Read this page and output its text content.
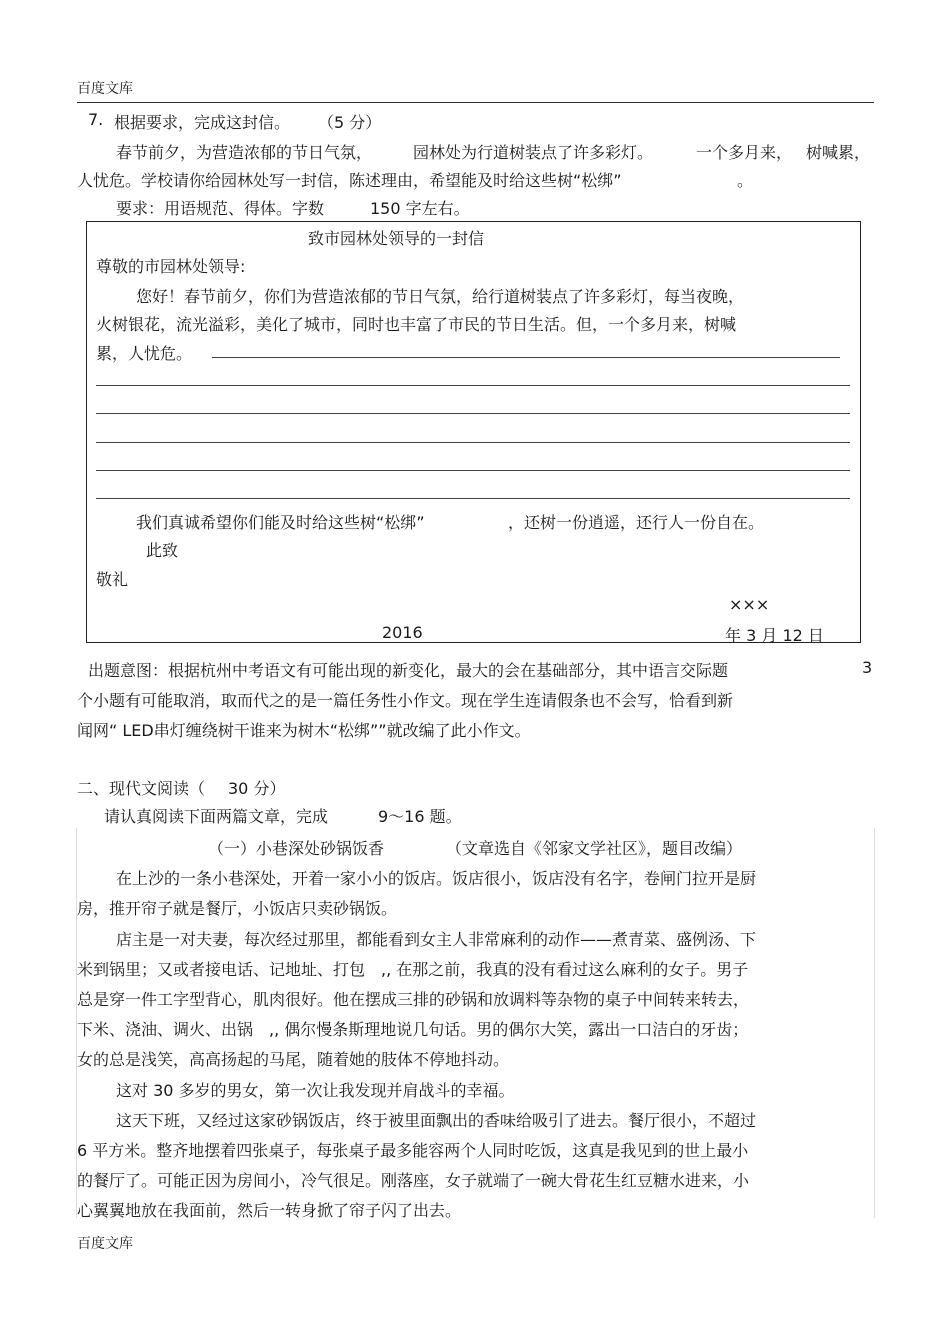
百度文库
7. 根据要求，完成这封信。 （5 分）
春节前夕，为营造浓郁的节日气氛，	园林处为行道树装点了许多彩灯。	一个多月来， 树喊累，
人忧危。学校请你给园林处写一封信，陈述理由，希望能及时给这些树“松绑”	。
要求：用语规范、得体。字数	150 字左右。
致市园林处领导的一封信
尊敬的市园林处领导:
您好！春节前夕，你们为营造浓郁的节日气氛，给行道树装点了许多彩灯，每当夜晚，
火树银花，流光溢彩，美化了城市，同时也丰富了市民的节日生活。但，一个多月来，树喊
累，人忧危。
我们真诚希望你们能及时给这些树“松绑”	，还树一份逍遥，还行人一份自在。
此致
敬礼
×××
2016	年 3 月 12 日
出题意图：根据杭州中考语文有可能出现的新变化，最大的会在基础部分，其中语言交际题	3
个小题有可能取消，取而代之的是一篇任务性小作文。现在学生连请假条也不会写，恰看到新
闻网“ LED串灯缠绕树干谁来为树木“松绑””就改编了此小作文。
二、现代文阅读（ 30 分）
请认真阅读下面两篇文章，完成	9～16 题。
（一）小巷深处砂锅饭香	（文章选自《邻家文学社区》，题目改编）
在上沙的一条小巷深处，开着一家小小的饭店。饭店很小，饭店没有名字，卷闸门拉开是厨
房，推开帘子就是餐厅，小饭店只卖砂锅饭。
店主是一对夫妻，每次经过那里，都能看到女主人非常麻利的动作——煮青菜、盛例汤、下
米到锅里；又或者接电话、记地址、打包　,, 在那之前，我真的没有看过这么麻利的女子。男子
总是穿一件工字型背心，肌肉很好。他在摆成三排的砂锅和放调料等杂物的桌子中间转来转去，
下米、浇油、调火、出锅　,, 偶尔慢条斯理地说几句话。男的偶尔大笑，露出一口洁白的牙齿；
女的总是浅笑，高高扬起的马尾，随着她的肢体不停地抖动。
这对 30 多岁的男女，第一次让我发现并肩战斗的幸福。
这天下班，又经过这家砂锅饭店，终于被里面飘出的香味给吸引了进去。餐厅很小，不超过
6 平方米。整齐地摆着四张桌子，每张桌子最多能容两个人同时吃饭，这真是我见到的世上最小
的餐厅了。可能正因为房间小，冷气很足。刚落座，女子就端了一碗大骨花生红豆糖水进来，小
心翼翼地放在我面前，然后一转身掀了帘子闪了出去。
百度文库
